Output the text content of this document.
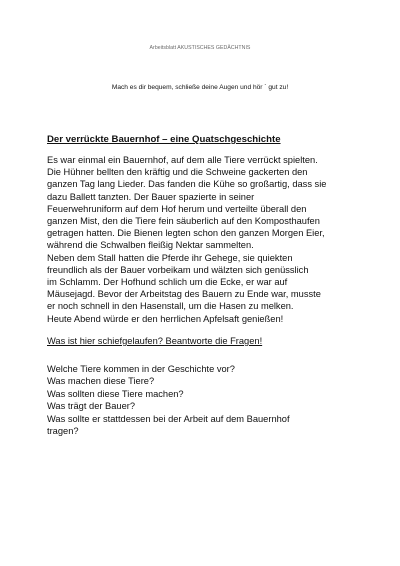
Arbeitsblatt AKUSTISCHES GEDÄCHTNIS
Mach es dir bequem, schließe deine Augen und hör ´ gut zu!
Der verrückte Bauernhof – eine Quatschgeschichte
Es war einmal ein Bauernhof, auf dem alle Tiere verrückt spielten.
Die Hühner bellten den kräftig und die Schweine gackerten den
ganzen Tag lang Lieder. Das fanden die Kühe so großartig, dass sie
dazu Ballett tanzten. Der Bauer spazierte in seiner
Feuerwehruniform auf dem Hof herum und verteilte überall den
ganzen Mist, den die Tiere fein säuberlich auf den Komposthaufen
getragen hatten. Die Bienen legten schon den ganzen Morgen Eier,
während die Schwalben fleißig Nektar sammelten.
Neben dem Stall hatten die Pferde ihr Gehege, sie quiekten
freundlich als der Bauer vorbeikam und wälzten sich genüsslich
im Schlamm. Der Hofhund schlich um die Ecke, er war auf
Mäusejagd. Bevor der Arbeitstag des Bauern zu Ende war, musste
er noch schnell in den Hasenstall, um die Hasen zu melken.
Heute Abend würde er den herrlichen Apfelsaft genießen!
Was ist hier schiefgelaufen? Beantworte die Fragen!
Welche Tiere kommen in der Geschichte vor?
Was machen diese Tiere?
Was sollten diese Tiere machen?
Was trägt der Bauer?
Was sollte er stattdessen bei der Arbeit auf dem Bauernhof
tragen?
